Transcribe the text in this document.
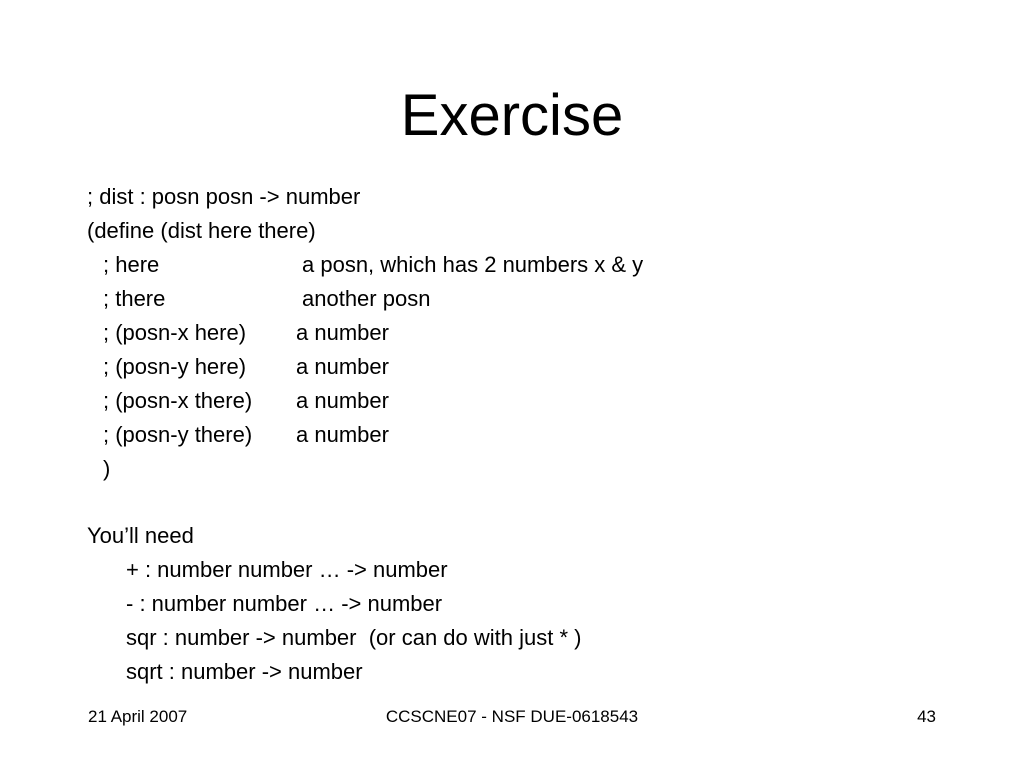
Exercise
; dist : posn posn -> number
(define (dist here there)
; here	a posn, which has 2 numbers x & y
; there	another posn
; (posn-x here) a number
; (posn-y here) a number
; (posn-x there) a number
; (posn-y there) a number
)
You’ll need
+ : number number … -> number
- : number number … -> number
sqr : number -> number  (or can do with just * )
sqrt : number -> number
21 April 2007	CCSCNE07 - NSF DUE-0618543	43
